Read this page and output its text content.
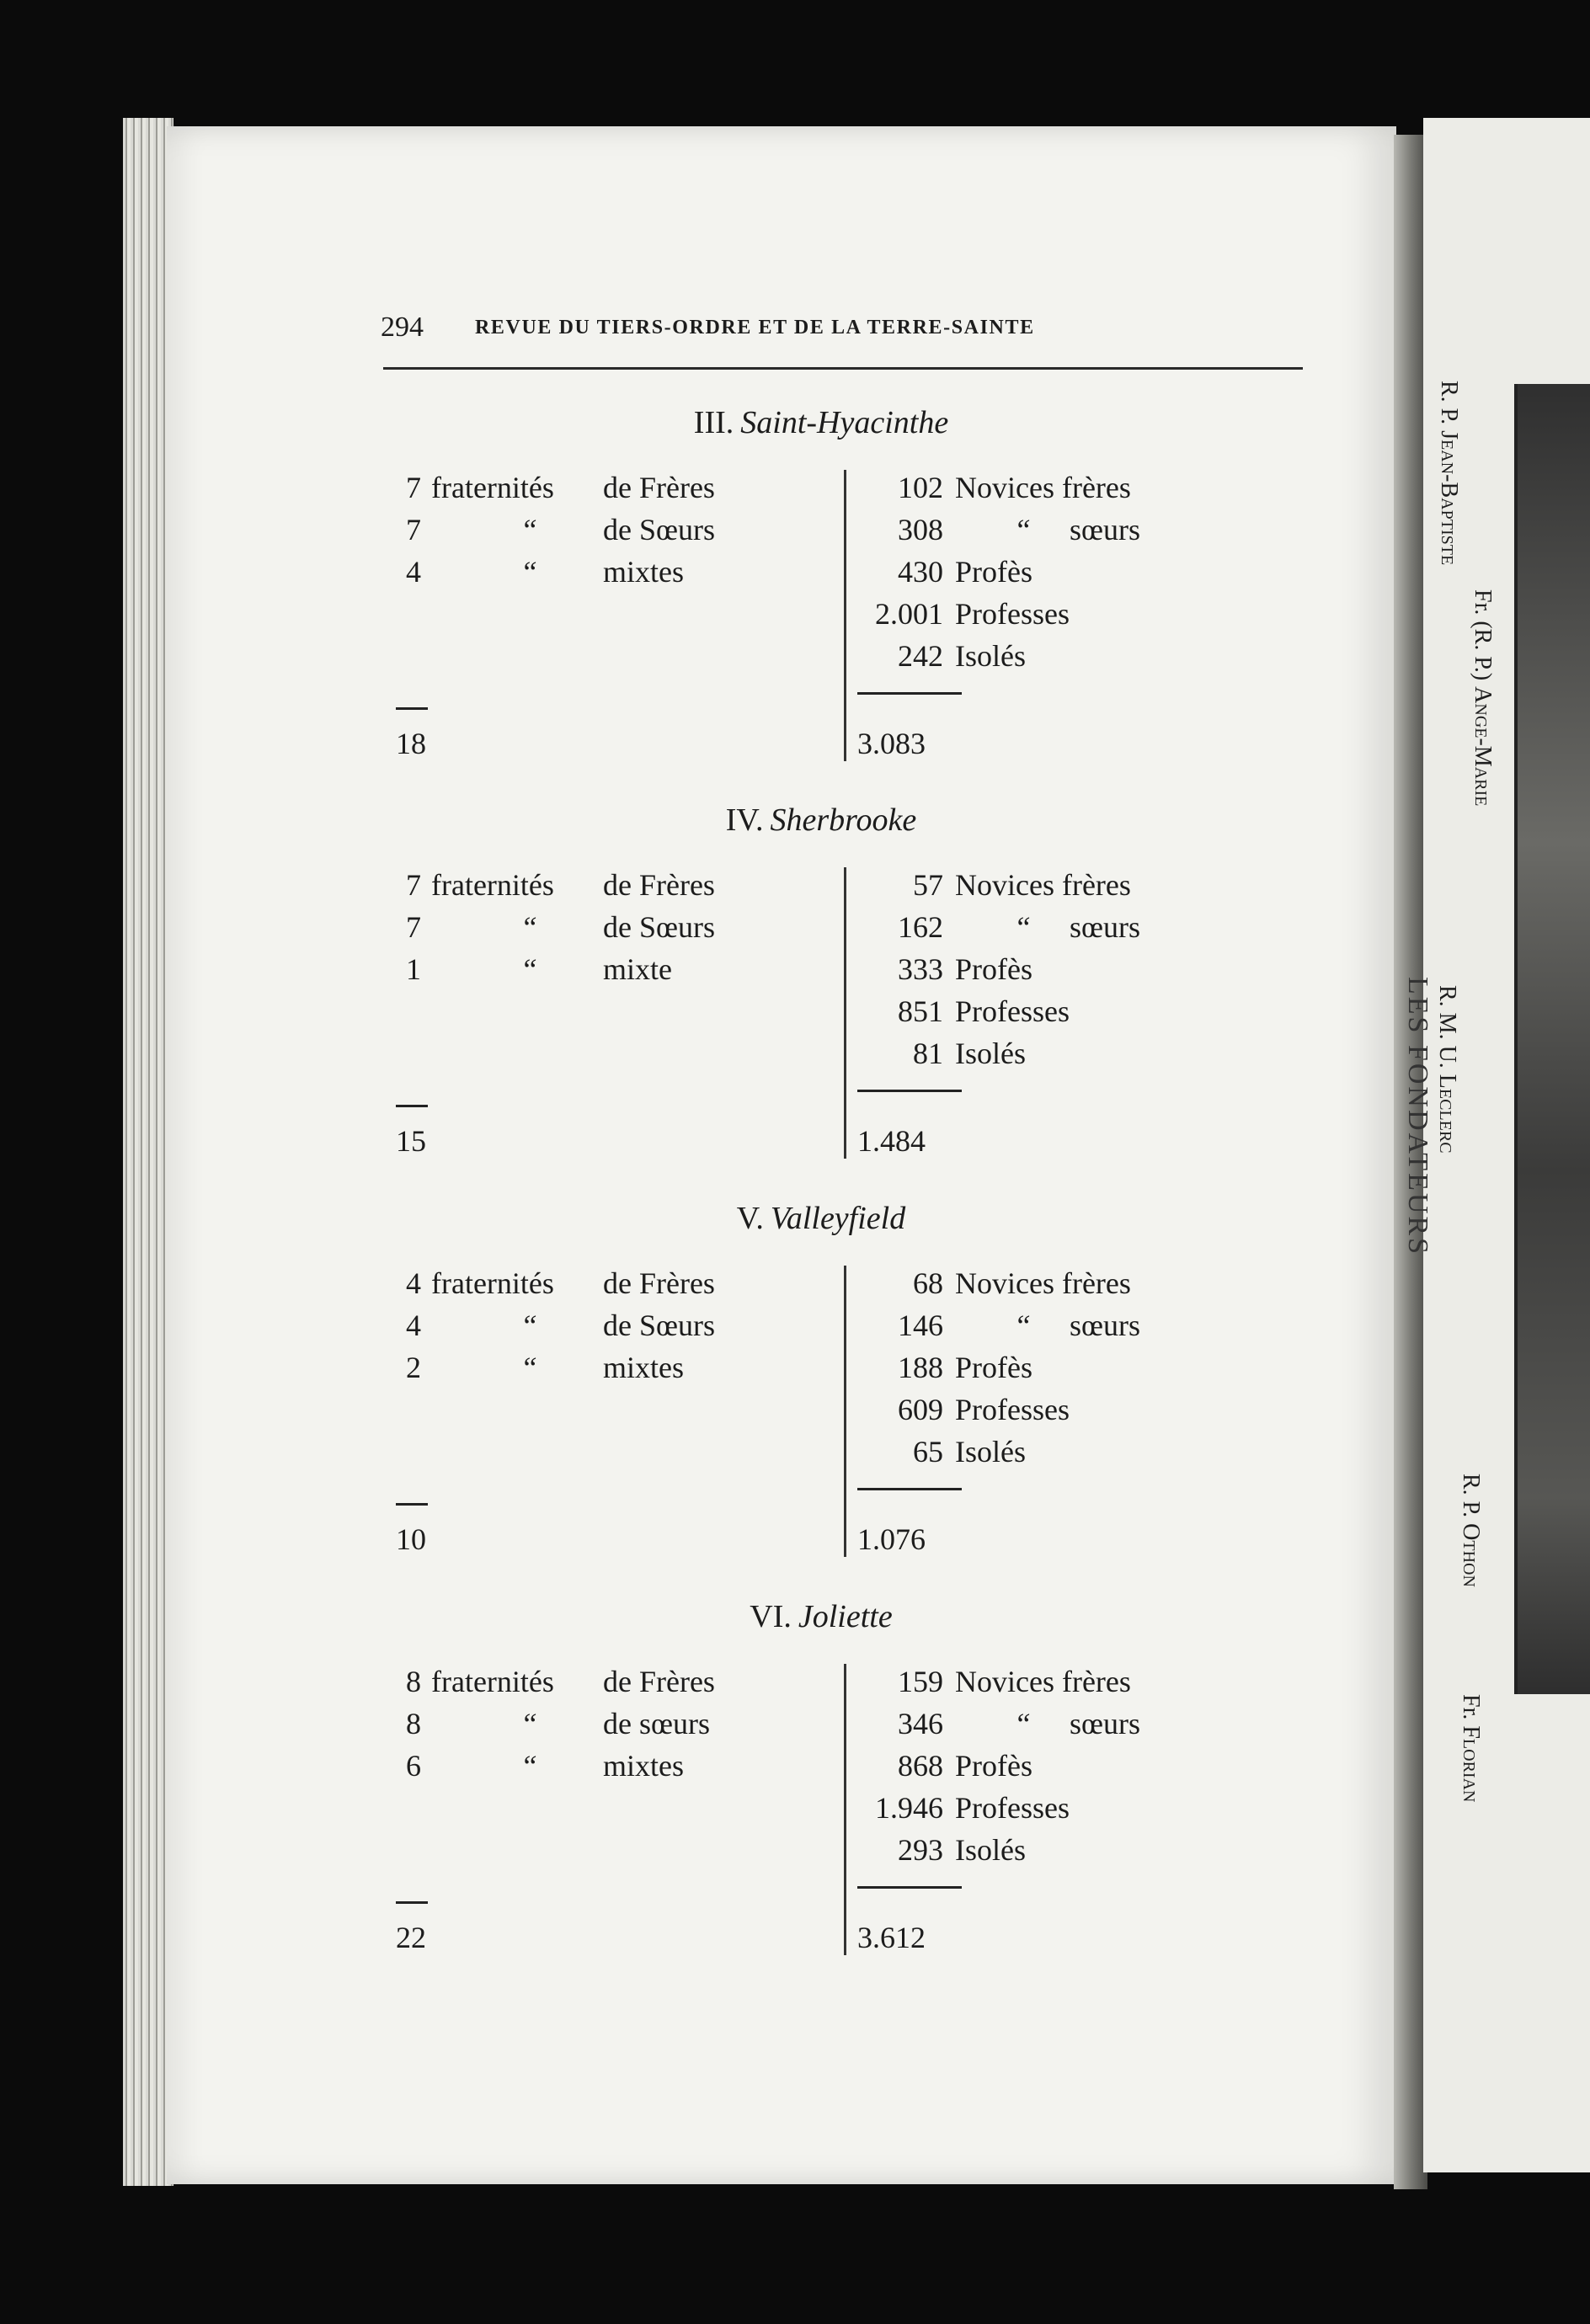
LES FONDATEURS
R. P. Jean-Baptiste
Fr. (R. P.) Ange-Marie
R. M. U. Leclerc
R. P. Othon
Fr. Florian
294	REVUE DU TIERS-ORDRE ET DE LA TERRE-SAINTE
III. Saint-Hyacinthe
7 fraternités de Frères
7	“ de Sœurs
4	“ mixtes
102 Novices frères
308 “ sœurs
430 Profès
2.001 Professes
242 Isolés
18	3.083
IV. Sherbrooke
7 fraternités de Frères
7	“ de Sœurs
1	“ mixte
57 Novices frères
162 “ sœurs
333 Profès
851 Professes
81 Isolés
15	1.484
V. Valleyfield
4 fraternités de Frères
4	“ de Sœurs
2	“ mixtes
68 Novices frères
146 “ sœurs
188 Profès
609 Professes
65 Isolés
10	1.076
VI. Joliette
8 fraternités de Frères
8	“ de sœurs
6	“ mixtes
159 Novices frères
346 “ sœurs
868 Profès
1.946 Professes
293 Isolés
22	3.612
